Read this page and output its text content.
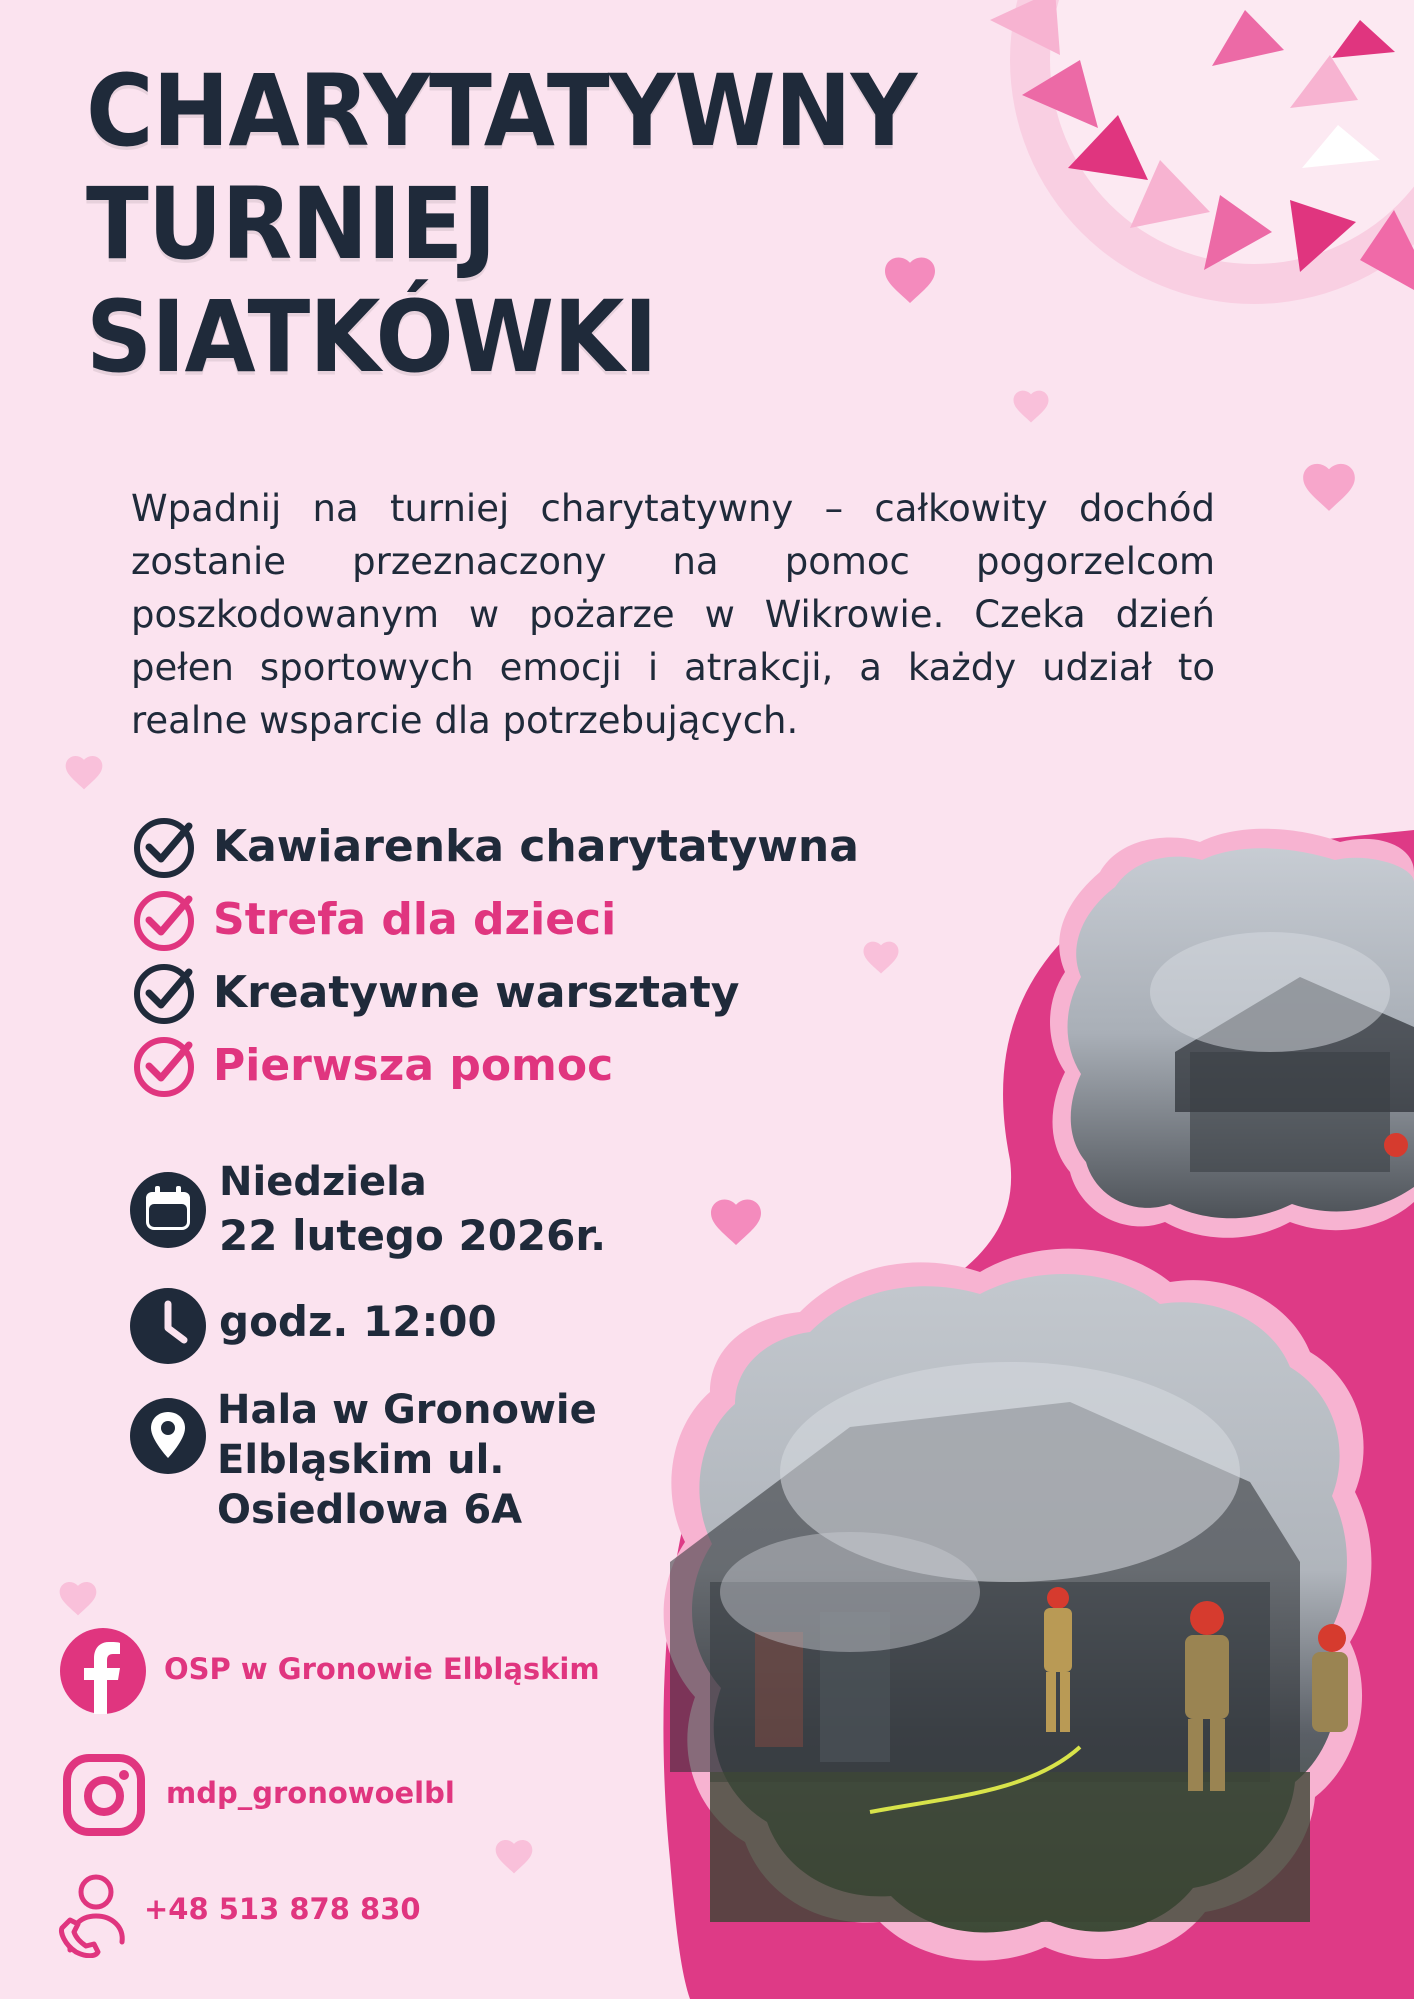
CHARYTATYWNY
TURNIEJ
SIATKÓWKI

Wpadnij na turniej charytatywny – całkowity dochód zostanie przeznaczony na pomoc pogorzelcom poszkodowanym w pożarze w Wikrowie. Czeka dzień pełen sportowych emocji i atrakcji, a każdy udział to realne wsparcie dla potrzebujących.

Kawiarenka charytatywna
Strefa dla dzieci
Kreatywne warsztaty
Pierwsza pomoc
Niedziela
22 lutego 2026r.
godz. 12:00
Hala w Gronowie
Elbląskim ul.
Osiedlowa 6A
OSP w Gronowie Elbląskim
mdp_gronowoelbl
+48 513 878 830
